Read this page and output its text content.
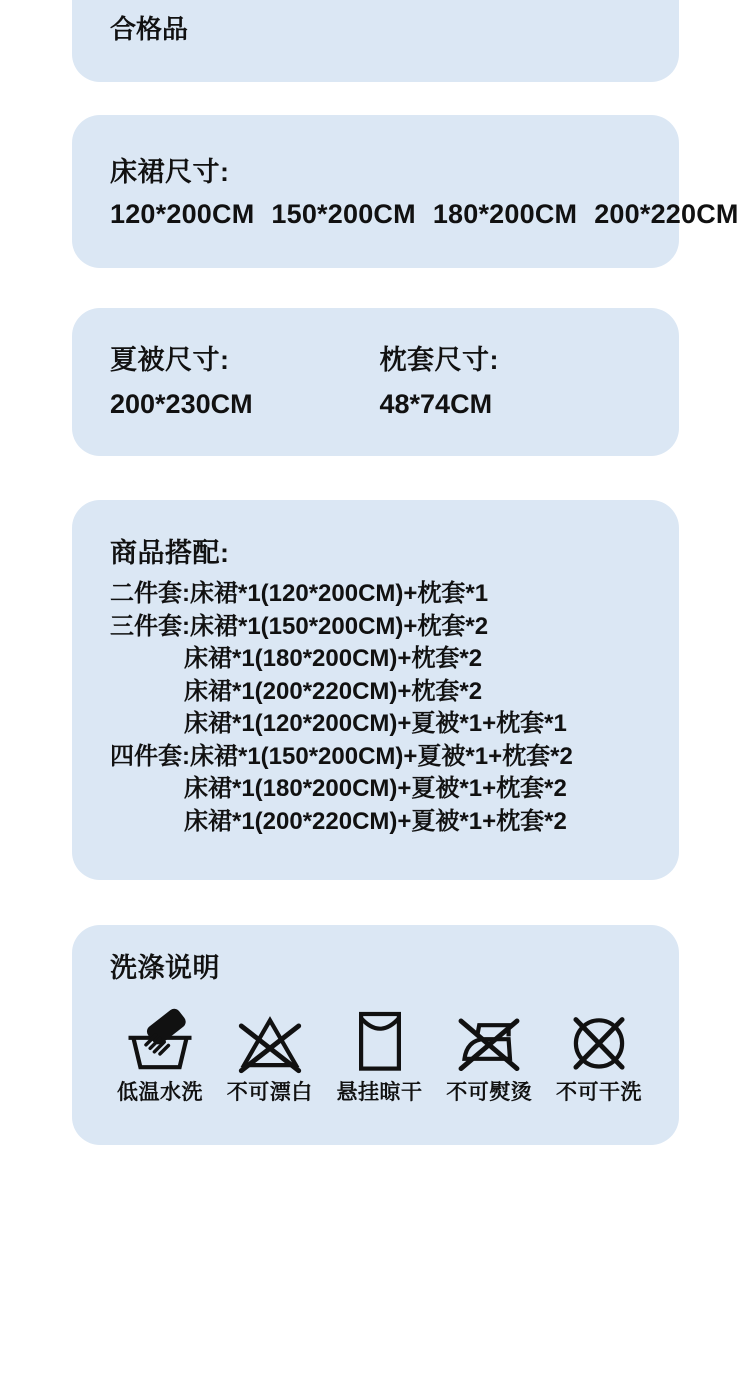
合格品
床裙尺寸:
120*200CM 150*200CM 180*200CM 200*220CM
夏被尺寸:
200*230CM
枕套尺寸:
48*74CM
商品搭配:
二件套: 床裙*1(120*200CM)+枕套*1
三件套: 床裙*1(150*200CM)+枕套*2
床裙*1(180*200CM)+枕套*2
床裙*1(200*220CM)+枕套*2
床裙*1(120*200CM)+夏被*1+枕套*1
四件套: 床裙*1(150*200CM)+夏被*1+枕套*2
床裙*1(180*200CM)+夏被*1+枕套*2
床裙*1(200*220CM)+夏被*1+枕套*2
洗涤说明
低温水洗 不可漂白 悬挂晾干 不可熨烫 不可干洗
